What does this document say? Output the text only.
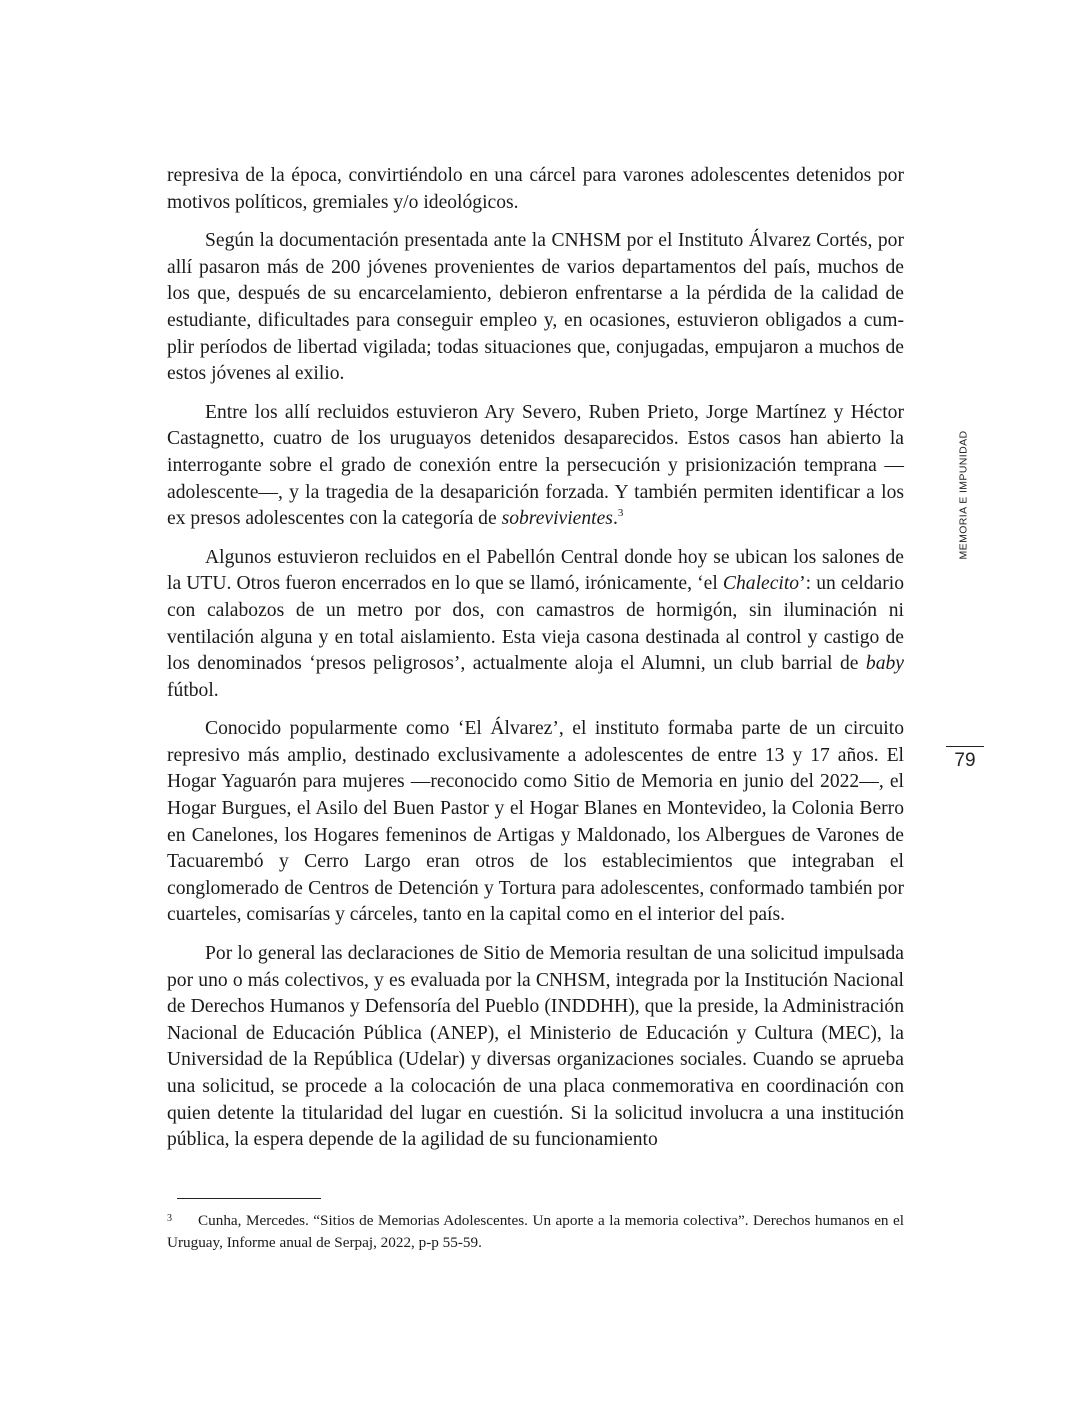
represiva de la época, convirtiéndolo en una cárcel para varones adolescentes detenidos por motivos políticos, gremiales y/o ideológicos.

Según la documentación presentada ante la CNHSM por el Instituto Álvarez Cortés, por allí pasaron más de 200 jóvenes provenientes de varios departamentos del país, muchos de los que, después de su encarcelamiento, debieron enfrentarse a la pérdida de la calidad de estudiante, dificultades para conseguir empleo y, en ocasiones, estuvieron obligados a cumplir períodos de libertad vigilada; todas situaciones que, conjugadas, empujaron a muchos de estos jóvenes al exilio.

Entre los allí recluidos estuvieron Ary Severo, Ruben Prieto, Jorge Martínez y Héctor Castagnetto, cuatro de los uruguayos detenidos desaparecidos. Estos casos han abierto la interrogante sobre el grado de conexión entre la persecución y prisionización temprana —adolescente—, y la tragedia de la desaparición forzada. Y también permiten identificar a los ex presos adolescentes con la categoría de sobrevivientes.$^3$

Algunos estuvieron recluidos en el Pabellón Central donde hoy se ubican los salones de la UTU. Otros fueron encerrados en lo que se llamó, irónicamente, ‘el Chalecito’: un celdario con calabozos de un metro por dos, con camastros de hormigón, sin iluminación ni ventilación alguna y en total aislamiento. Esta vieja casona destinada al control y castigo de los denominados ‘presos peligrosos’, actualmente aloja el Alumni, un club barrial de baby fútbol.

Conocido popularmente como ‘El Álvarez’, el instituto formaba parte de un circuito represivo más amplio, destinado exclusivamente a adolescentes de entre 13 y 17 años. El Hogar Yaguarón para mujeres —reconocido como Sitio de Memoria en junio del 2022—, el Hogar Burgues, el Asilo del Buen Pastor y el Hogar Blanes en Montevideo, la Colonia Berro en Canelones, los Hogares femeninos de Artigas y Maldonado, los Albergues de Varones de Tacuarembó y Cerro Largo eran otros de los establecimientos que integraban el conglomerado de Centros de Detención y Tortura para adolescentes, conformado también por cuarteles, comisarías y cárceles, tanto en la capital como en el interior del país.

Por lo general las declaraciones de Sitio de Memoria resultan de una solicitud impulsada por uno o más colectivos, y es evaluada por la CNHSM, integrada por la Institución Nacional de Derechos Humanos y Defensoría del Pueblo (INDDHH), que la preside, la Administración Nacional de Educación Pública (ANEP), el Ministerio de Educación y Cultura (MEC), la Universidad de la República (Udelar) y diversas organizaciones sociales. Cuando se aprueba una solicitud, se procede a la colocación de una placa conmemorativa en coordinación con quien detente la titularidad del lugar en cuestión. Si la solicitud involucra a una institución pública, la espera depende de la agilidad de su funcionamiento

MEMORIA E IMPUNIDAD
79
3 Cunha, Mercedes. “Sitios de Memorias Adolescentes. Un aporte a la memoria colectiva”. Derechos humanos en el Uruguay, Informe anual de Serpaj, 2022, p-p 55-59.
